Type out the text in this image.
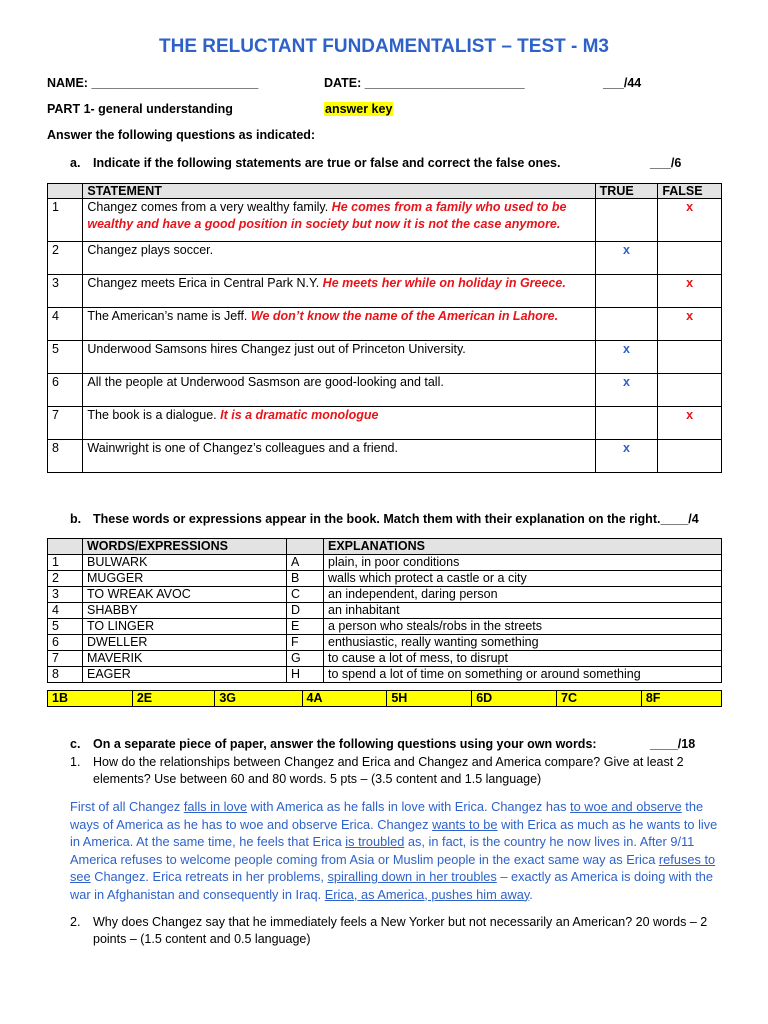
THE RELUCTANT FUNDAMENTALIST – TEST - M3
NAME: ________________________	DATE: _______________________	___/44
PART 1- general understanding	answer key
Answer the following questions as indicated:
a. Indicate if the following statements are true or false and correct the false ones.	___/6
	STATEMENT	TRUE	FALSE
1	Changez comes from a very wealthy family. He comes from a family who used to be wealthy and have a good position in society but now it is not the case anymore.		x
2	Changez plays soccer.	x	
3	Changez meets Erica in Central Park N.Y. He meets her while on holiday in Greece.		x
4	The American’s name is Jeff. We don’t know the name of the American in Lahore.		x
5	Underwood Samsons hires Changez just out of Princeton University.	x	
6	All the people at Underwood Sasmson are good-looking and tall.	x	
7	The book is a dialogue. It is a dramatic monologue		x
8	Wainwright is one of Changez’s colleagues and a friend.	x	
b. These words or expressions appear in the book. Match them with their explanation on the right.____/4
	WORDS/EXPRESSIONS		EXPLANATIONS
1	BULWARK	A	plain, in poor conditions
2	MUGGER	B	walls which protect a castle or a city
3	TO WREAK AVOC	C	an independent, daring person
4	SHABBY	D	an inhabitant
5	TO LINGER	E	a person who steals/robs in the streets
6	DWELLER	F	enthusiastic, really wanting something
7	MAVERIK	G	to cause a lot of mess, to disrupt
8	EAGER	H	to spend a lot of time on something or around something
1B	2E	3G	4A	5H	6D	7C	8F
c. On a separate piece of paper, answer the following questions using your own words:	____/18
1. How do the relationships between Changez and Erica and Changez and America compare? Give at least 2 elements? Use between 60 and 80 words. 5 pts – (3.5 content and 1.5 language)
First of all Changez falls in love with America as he falls in love with Erica. Changez has to woe and observe the ways of America as he has to woe and observe Erica. Changez wants to be with Erica as much as he wants to live in America. At the same time, he feels that Erica is troubled as, in fact, is the country he now lives in. After 9/11 America refuses to welcome people coming from Asia or Muslim people in the exact same way as Erica refuses to see Changez. Erica retreats in her problems, spiralling down in her troubles – exactly as America is doing with the war in Afghanistan and consequently in Iraq. Erica, as America, pushes him away.
2. Why does Changez say that he immediately feels a New Yorker but not necessarily an American? 20 words – 2 points – (1.5 content and 0.5 language)
